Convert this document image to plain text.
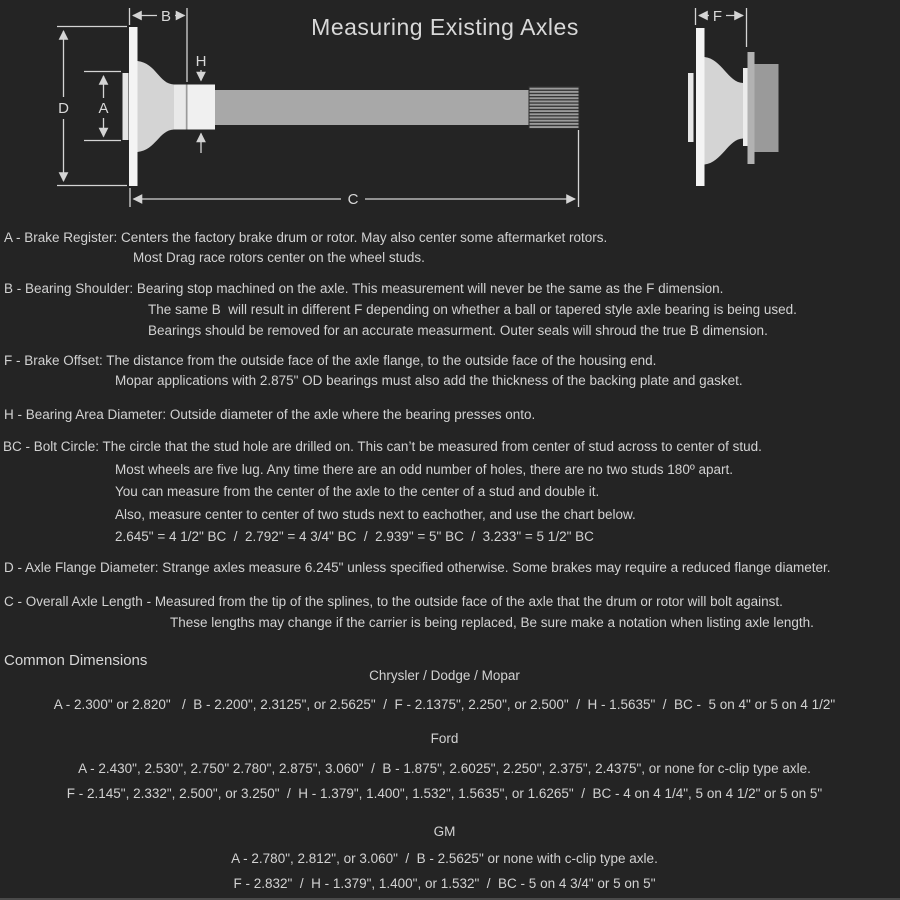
Measuring Existing Axles
D A
B
H
C
F
A - Brake Register: Centers the factory brake drum or rotor. May also center some aftermarket rotors.
Most Drag race rotors center on the wheel studs.
B - Bearing Shoulder: Bearing stop machined on the axle. This measurement will never be the same as the F dimension.
The same B  will result in different F depending on whether a ball or tapered style axle bearing is being used.
Bearings should be removed for an accurate measurment. Outer seals will shroud the true B dimension.
F - Brake Offset: The distance from the outside face of the axle flange, to the outside face of the housing end.
Mopar applications with 2.875" OD bearings must also add the thickness of the backing plate and gasket.
H - Bearing Area Diameter: Outside diameter of the axle where the bearing presses onto.
BC - Bolt Circle: The circle that the stud hole are drilled on. This can’t be measured from center of stud across to center of stud.
Most wheels are five lug. Any time there are an odd number of holes, there are no two studs 180º apart.
You can measure from the center of the axle to the center of a stud and double it.
Also, measure center to center of two studs next to eachother, and use the chart below.
2.645" = 4 1/2" BC  /  2.792" = 4 3/4" BC  /  2.939" = 5" BC  /  3.233" = 5 1/2" BC
D - Axle Flange Diameter: Strange axles measure 6.245" unless specified otherwise. Some brakes may require a reduced flange diameter.
C - Overall Axle Length - Measured from the tip of the splines, to the outside face of the axle that the drum or rotor will bolt against.
These lengths may change if the carrier is being replaced, Be sure make a notation when listing axle length.
Common Dimensions
Chrysler / Dodge / Mopar
A - 2.300" or 2.820"   /  B - 2.200", 2.3125", or 2.5625"  /  F - 2.1375", 2.250", or 2.500"  /  H - 1.5635"  /  BC -  5 on 4" or 5 on 4 1/2"
Ford
A - 2.430", 2.530", 2.750" 2.780", 2.875", 3.060"  /  B - 1.875", 2.6025", 2.250", 2.375", 2.4375", or none for c-clip type axle.
F - 2.145", 2.332", 2.500", or 3.250"  /  H - 1.379", 1.400", 1.532", 1.5635", or 1.6265"  /  BC - 4 on 4 1/4", 5 on 4 1/2" or 5 on 5"
GM
A - 2.780", 2.812", or 3.060"  /  B - 2.5625" or none with c-clip type axle.
F - 2.832"  /  H - 1.379", 1.400", or 1.532"  /  BC - 5 on 4 3/4" or 5 on 5"
